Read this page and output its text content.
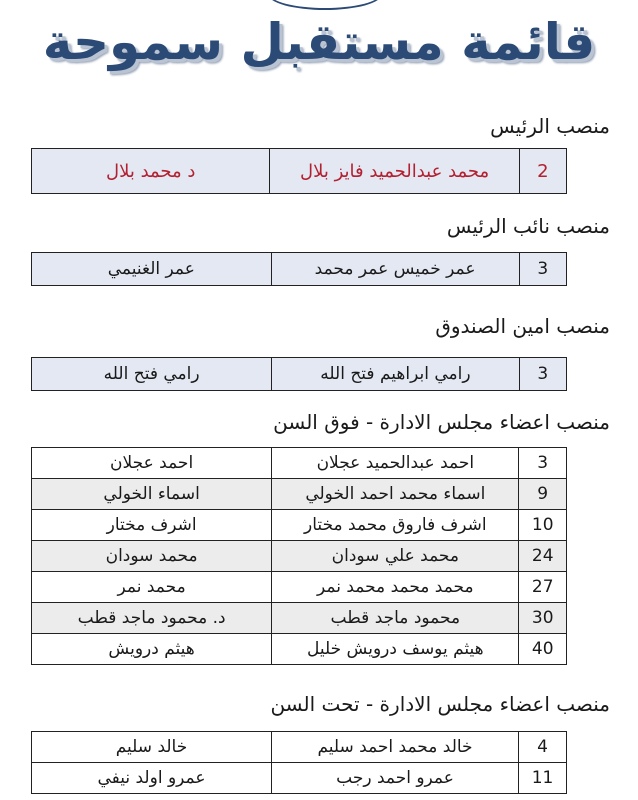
قائمة مستقبل سموحة
منصب الرئيس
2	محمد عبدالحميد فايز بلال	د محمد بلال
منصب نائب الرئيس
3	عمر خميس عمر محمد	عمر الغنيمي
منصب امين الصندوق
3	رامي ابراهيم فتح الله	رامي فتح الله
منصب اعضاء مجلس الادارة - فوق السن
3	احمد عبدالحميد عجلان	احمد عجلان
9	اسماء محمد احمد الخولي	اسماء الخولي
10	اشرف فاروق محمد مختار	اشرف مختار
24	محمد علي سودان	محمد سودان
27	محمد محمد محمد نمر	محمد نمر
30	محمود ماجد قطب	د. محمود ماجد قطب
40	هيثم يوسف درويش خليل	هيثم درويش
منصب اعضاء مجلس الادارة - تحت السن
4	خالد محمد احمد سليم	خالد سليم
11	عمرو احمد رجب	عمرو اولد نيفي
